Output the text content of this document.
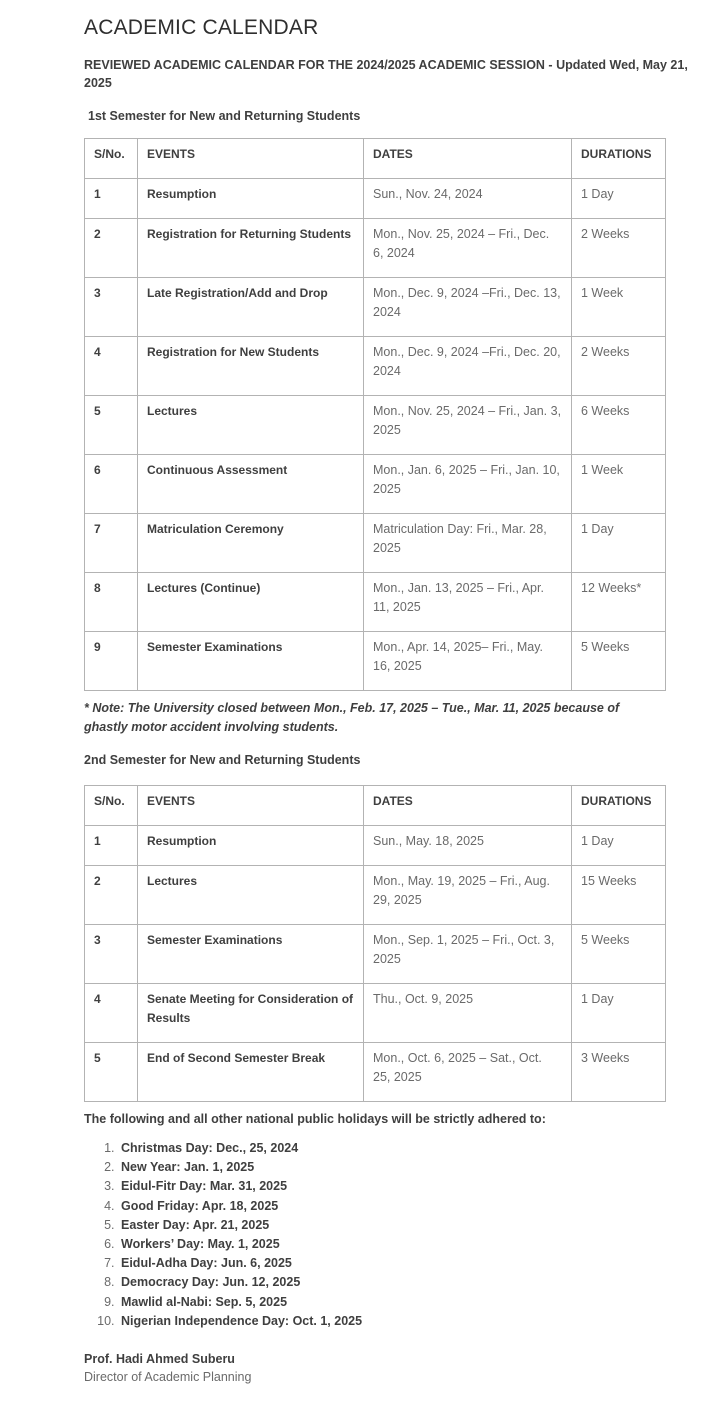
ACADEMIC CALENDAR

REVIEWED ACADEMIC CALENDAR FOR THE 2024/2025 ACADEMIC SESSION - Updated Wed, May 21, 2025

1st Semester for New and Returning Students

S/No.	EVENTS	DATES	DURATIONS
1	Resumption	Sun., Nov. 24, 2024	1 Day
2	Registration for Returning Students	Mon., Nov. 25, 2024 – Fri., Dec. 6, 2024	2 Weeks
3	Late Registration/Add and Drop	Mon., Dec. 9, 2024 –Fri., Dec. 13, 2024	1 Week
4	Registration for New Students	Mon., Dec. 9, 2024 –Fri., Dec. 20, 2024	2 Weeks
5	Lectures	Mon., Nov. 25, 2024 – Fri., Jan. 3, 2025	6 Weeks
6	Continuous Assessment	Mon., Jan. 6, 2025 – Fri., Jan. 10, 2025	1 Week
7	Matriculation Ceremony	Matriculation Day: Fri., Mar. 28, 2025	1 Day
8	Lectures (Continue)	Mon., Jan. 13, 2025 – Fri., Apr. 11, 2025	12 Weeks*
9	Semester Examinations	Mon., Apr. 14, 2025– Fri., May. 16, 2025	5 Weeks

* Note: The University closed between Mon., Feb. 17, 2025 – Tue., Mar. 11, 2025 because of ghastly motor accident involving students.

2nd Semester for New and Returning Students

S/No.	EVENTS	DATES	DURATIONS
1	Resumption	Sun., May. 18, 2025	1 Day
2	Lectures	Mon., May. 19, 2025 – Fri., Aug. 29, 2025	15 Weeks
3	Semester Examinations	Mon., Sep. 1, 2025 – Fri., Oct. 3, 2025	5 Weeks
4	Senate Meeting for Consideration of Results	Thu., Oct. 9, 2025	1 Day
5	End of Second Semester Break	Mon., Oct. 6, 2025 – Sat., Oct. 25, 2025	3 Weeks

The following and all other national public holidays will be strictly adhered to:

1. Christmas Day: Dec., 25, 2024
2. New Year: Jan. 1, 2025
3. Eidul-Fitr Day: Mar. 31, 2025
4. Good Friday: Apr. 18, 2025
5. Easter Day: Apr. 21, 2025
6. Workers’ Day: May. 1, 2025
7. Eidul-Adha Day: Jun. 6, 2025
8. Democracy Day: Jun. 12, 2025
9. Mawlid al-Nabi: Sep. 5, 2025
10. Nigerian Independence Day: Oct. 1, 2025

Prof. Hadi Ahmed Suberu

Director of Academic Planning
